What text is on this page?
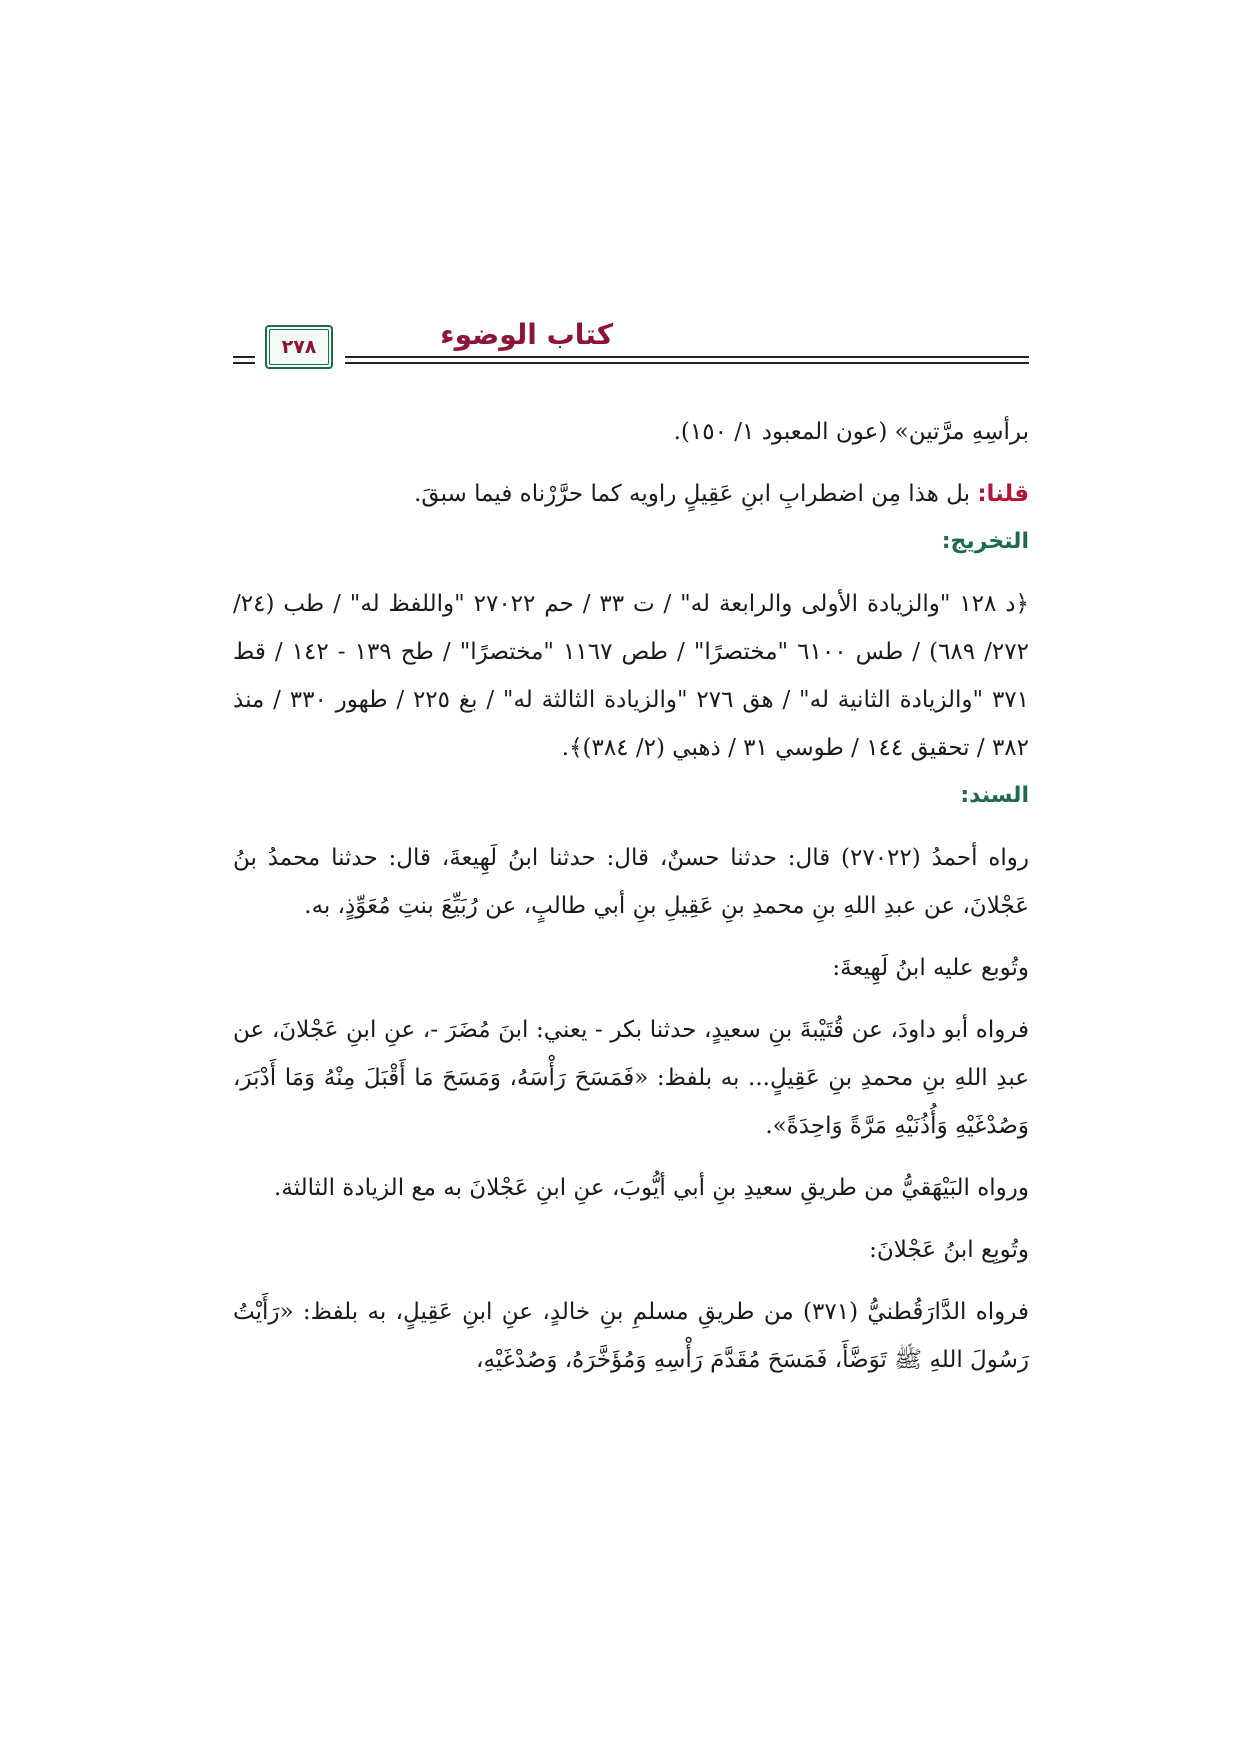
كتاب الوضوء
٢٧٨

برأسِهِ مرَّتين» (عون المعبود ١/ ١٥٠).

قلنا: بل هذا مِن اضطرابِ ابنِ عَقِيلٍ راويه كما حرَّرْناه فيما سبقَ.

التخريج:

﴿د ١٢٨ "والزيادة الأولى والرابعة له" / ت ٣٣ / حم ٢٧٠٢٢ "واللفظ له" / طب (٢٤/ ٢٧٢/ ٦٨٩) / طس ٦١٠٠ "مختصرًا" / طص ١١٦٧ "مختصرًا" / طح ١٣٩ - ١٤٢ / قط ٣٧١ "والزيادة الثانية له" / هق ٢٧٦ "والزيادة الثالثة له" / بغ ٢٢٥ / طهور ٣٣٠ / منذ ٣٨٢ / تحقيق ١٤٤ / طوسي ٣١ / ذهبي (٢/ ٣٨٤)﴾.

السند:

رواه أحمدُ (٢٧٠٢٢) قال: حدثنا حسنٌ، قال: حدثنا ابنُ لَهِيعةَ، قال: حدثنا محمدُ بنُ عَجْلانَ، عن عبدِ اللهِ بنِ محمدِ بنِ عَقِيلِ بنِ أبي طالبٍ، عن رُبَيِّعَ بنتِ مُعَوِّذٍ، به.

وتُوبع عليه ابنُ لَهِيعةَ:

فرواه أبو داودَ، عن قُتَيْبةَ بنِ سعيدٍ، حدثنا بكر - يعني: ابنَ مُضَرَ -، عنِ ابنِ عَجْلانَ، عن عبدِ اللهِ بنِ محمدِ بنِ عَقِيلٍ... به بلفظ: «فَمَسَحَ رَأْسَهُ، وَمَسَحَ مَا أَقْبَلَ مِنْهُ وَمَا أَدْبَرَ، وَصُدْغَيْهِ وَأُذُنَيْهِ مَرَّةً وَاحِدَةً».

ورواه البَيْهَقيُّ من طريقِ سعيدِ بنِ أبي أيُّوبَ، عنِ ابنِ عَجْلانَ به مع الزيادة الثالثة.

وتُوبِع ابنُ عَجْلانَ:

فرواه الدَّارَقُطنيُّ (٣٧١) من طريقِ مسلمِ بنِ خالدٍ، عنِ ابنِ عَقِيلٍ، به بلفظ: «رَأَيْتُ رَسُولَ اللهِ ﷺ تَوَضَّأَ، فَمَسَحَ مُقَدَّمَ رَأْسِهِ وَمُؤَخَّرَهُ، وَصُدْغَيْهِ،
